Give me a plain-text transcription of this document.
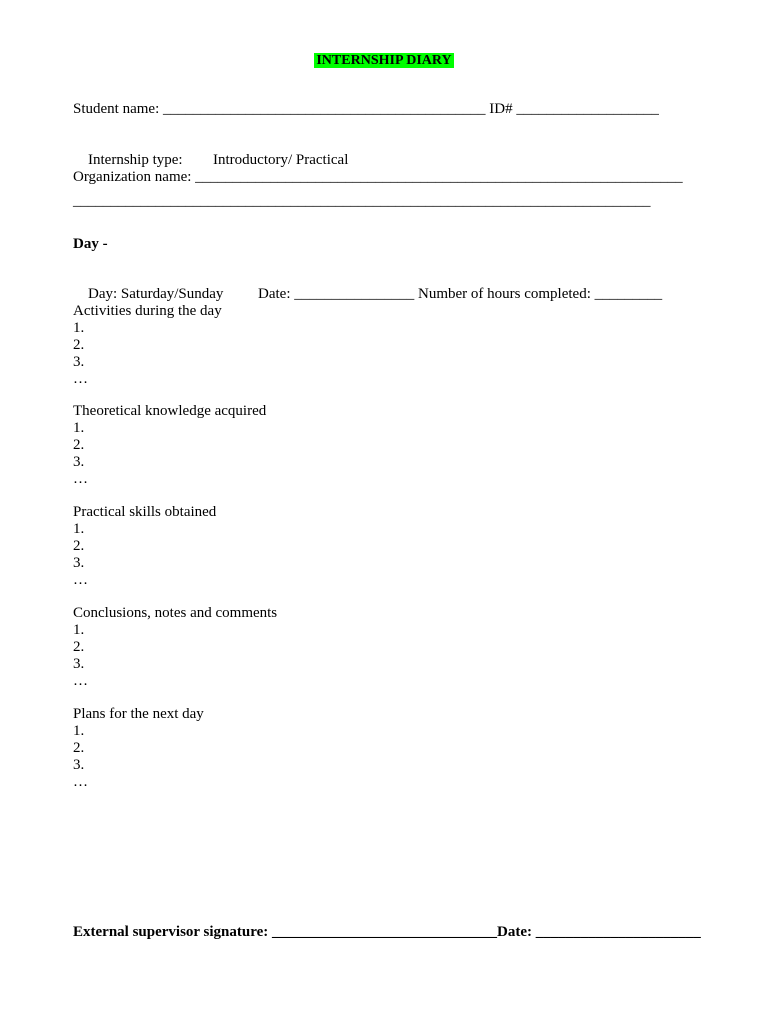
INTERNSHIP DIARY
Student name: ___________________________________________ ID# ___________________

Internship type: Introductory/ Practical

Organization name: _________________________________________________________________
_____________________________________________________________________________
Day -

Day: Saturday/Sunday Date: ________________ Number of hours completed: _________

Activities during the day
1.
2.
3.
…
Theoretical knowledge acquired
1.
2.
3.
…
Practical skills obtained
1.
2.
3.
…
Conclusions, notes and comments
1.
2.
3.
…
Plans for the next day
1.
2.
3.
…
External supervisor signature: ______________________________Date: ______________________
